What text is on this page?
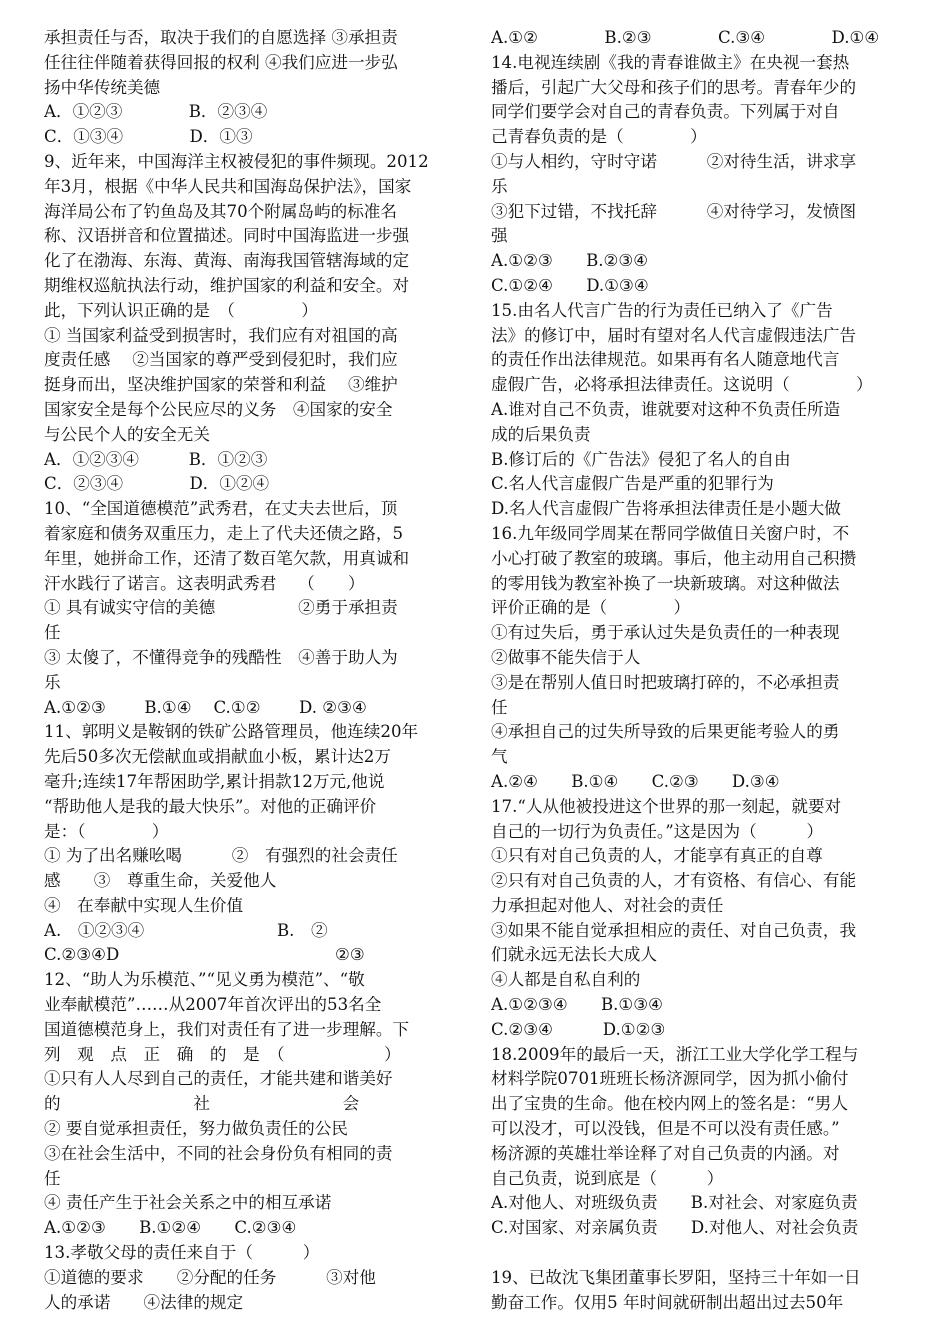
承担责任与否，取决于我们的自愿选择 ③承担责
任往往伴随着获得回报的权利 ④我们应进一步弘
扬中华传统美德
A．①②③　　　　B．②③④
C．①③④　　　　D．①③
9、近年来，中国海洋主权被侵犯的事件频现。2012
年3月，根据《中华人民共和国海岛保护法》，国家
海洋局公布了钓鱼岛及其70个附属岛屿的标准名
称、汉语拼音和位置描述。同时中国海监进一步强
化了在渤海、东海、黄海、南海我国管辖海域的定
期维权巡航执法行动，维护国家的利益和安全。对
此，下列认识正确的是　（　　　　）
① 当国家利益受到损害时，我们应有对祖国的高
度责任感　 ②当国家的尊严受到侵犯时，我们应
挺身而出，坚决维护国家的荣誉和利益　 ③维护
国家安全是每个公民应尽的义务　④国家的安全
与公民个人的安全无关
A．①②③④　　　B．①②③
C．②③④　　　　D．①②④
10、“全国道德模范”武秀君，在丈夫去世后，顶
着家庭和债务双重压力，走上了代夫还债之路，5
年里，她拼命工作，还清了数百笔欠款，用真诚和
汗水践行了诺言。这表明武秀君　 （　　）
① 具有诚实守信的美德　　　　　②勇于承担责
任
③ 太傻了，不懂得竞争的残酷性　④善于助人为
乐
A.①②③　　 B.①④　 C.①②　　 D. ②③④
11、郭明义是鞍钢的铁矿公路管理员，他连续20年
先后50多次无偿献血或捐献血小板，累计达2万
毫升;连续17年帮困助学,累计捐款12万元,他说
“帮助他人是我的最大快乐”。对他的正确评价
是：（　　　　）
① 为了出名赚吆喝　　　②　有强烈的社会责任
感　　③　尊重生命，关爱他人
④　在奉献中实现人生价值
A.　①②③④　　　　　　　　B.　②
C.②③④D　　　　　　　　　　　　　②③
12、“助人为乐模范、”“见义勇为模范”、“敬
业奉献模范”……从2007年首次评出的53名全
国道德模范身上，我们对责任有了进一步理解。下
列　观　点　正　确　的　是　（　　　　　　）
①只有人人尽到自己的责任，才能共建和谐美好
的　　　　　　　　社　　　　　　　　会
② 要自觉承担责任，努力做负责任的公民
③在社会生活中，不同的社会身份负有相同的责
任
④ 责任产生于社会关系之中的相互承诺
A.①②③　　B.①②④　　C.②③④
13.孝敬父母的责任来自于（　　　）
①道德的要求　　②分配的任务　　　③对他
人的承诺　　④法律的规定
A.①②　　　　B.②③　　　　C.③④　　　　D.①④
14.电视连续剧《我的青春谁做主》在央视一套热
播后，引起广大父母和孩子们的思考。青春年少的
同学们要学会对自己的青春负责。下列属于对自
己青春负责的是（　　　　）
①与人相约，守时守诺　　　②对待生活，讲求享
乐
③犯下过错，不找托辞　　　④对待学习，发愤图
强
A.①②③　　B.②③④
C.①②④　　D.①③④
15.由名人代言广告的行为责任已纳入了《广告
法》的修订中，届时有望对名人代言虚假违法广告
的责任作出法律规范。如果再有名人随意地代言
虚假广告，必将承担法律责任。这说明（　　　　）
A.谁对自己不负责，谁就要对这种不负责任所造
成的后果负责
B.修订后的《广告法》侵犯了名人的自由
C.名人代言虚假广告是严重的犯罪行为
D.名人代言虚假广告将承担法律责任是小题大做
16.九年级同学周某在帮同学做值日关窗户时，不
小心打破了教室的玻璃。事后，他主动用自己积攒
的零用钱为教室补换了一块新玻璃。对这种做法
评价正确的是（　　　　）
①有过失后，勇于承认过失是负责任的一种表现
②做事不能失信于人
③是在帮别人值日时把玻璃打碎的，不必承担责
任
④承担自己的过失所导致的后果更能考验人的勇
气
A.②④　　B.①④　　C.②③　　D.③④
17.“人从他被投进这个世界的那一刻起，就要对
自己的一切行为负责任。”这是因为（　　　）
①只有对自己负责的人，才能享有真正的自尊
②只有对自己负责的人，才有资格、有信心、有能
力承担起对他人、对社会的责任
③如果不能自觉承担相应的责任、对自己负责，我
们就永远无法长大成人
④人都是自私自利的
A.①②③④　　B.①③④
C.②③④　　　D.①②③
18.2009年的最后一天，浙江工业大学化学工程与
材料学院0701班班长杨济源同学，因为抓小偷付
出了宝贵的生命。他在校内网上的签名是：“男人
可以没才，可以没钱，但是不可以没有责任感。”
杨济源的英雄壮举诠释了对自己负责的内涵。对
自己负责，说到底是（　　　）
A.对他人、对班级负责　　B.对社会、对家庭负责
C.对国家、对亲属负责　　D.对他人、对社会负责
19、已故沈飞集团董事长罗阳，坚持三十年如一日
勤奋工作。仅用5 年时间就研制出超出过去50年
